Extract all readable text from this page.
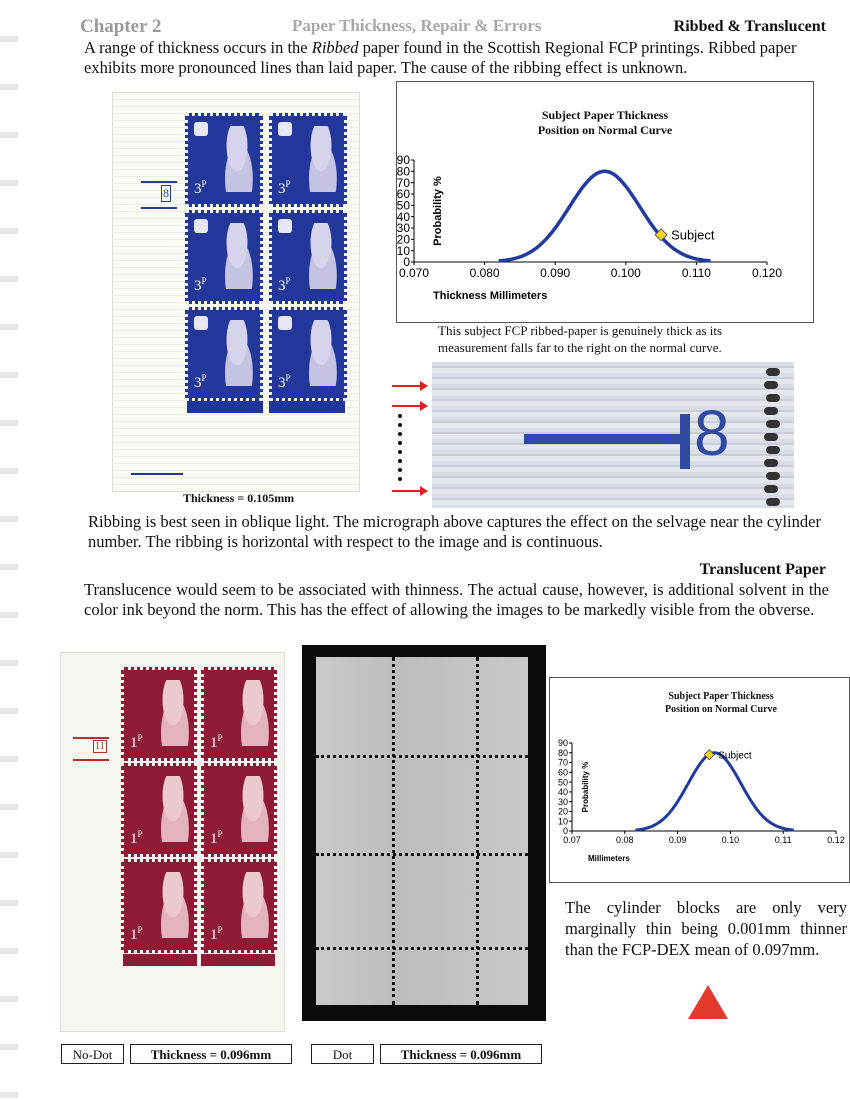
Chapter 2	Paper Thickness, Repair & Errors	Ribbed & Translucent
A range of thickness occurs in the Ribbed paper found in the Scottish Regional FCP printings. Ribbed paper exhibits more pronounced lines than laid paper. The cause of the ribbing effect is unknown.
8 $3^P$	$3^P$
$3^P$	$3^P$
$3^P$	$3^P$
Thickness = 0.105mm
Subject Paper Thickness
Position on Normal Curve
0
10
20
30
40
50
60
70
80
90
0.070	0.080	0.090	0.100	0.110	0.120
Subject
Thickness Millimeters
Probability %
This subject FCP ribbed-paper is genuinely thick as its measurement falls far to the right on the normal curve.
8
Ribbing is best seen in oblique light. The micrograph above captures the effect on the selvage near the cylinder number. The ribbing is horizontal with respect to the image and is continuous.
Translucent Paper
Translucence would seem to be associated with thinness. The actual cause, however, is additional solvent in the color ink beyond the norm. This has the effect of allowing the images to be markedly visible from the obverse.
11 $1^P$	$1^P$
$1^P$	$1^P$
$1^P$	$1^P$
No-Dot	Thickness = 0.096mm	Dot	Thickness = 0.096mm
Subject Paper Thickness
Position on Normal Curve
0
10
20
30
40
50
60
70
80
90
0.07	0.08	0.09	0.10	0.11	0.12
Subject
Millimeters
Probability %
The cylinder blocks are only very marginally thin being 0.001mm thinner than the FCP-DEX mean of 0.097mm.
